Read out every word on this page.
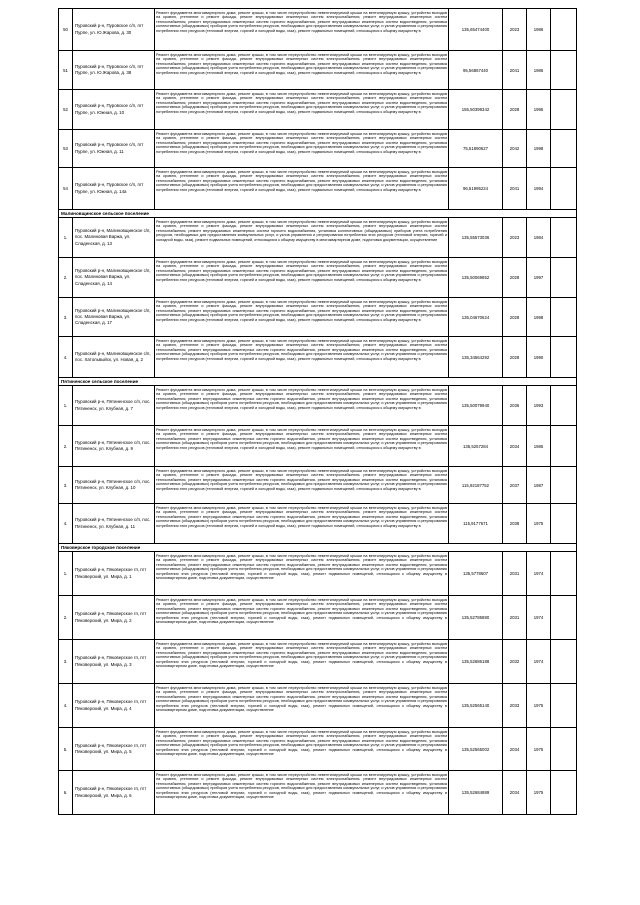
50	Пуровский р-н, Пуровское с/п, пгт Пурпе, ул. Ю.Жарова, д. 30	Ремонт фундамента многоквартирного дома, ремонт крыши, в том числе переустройство невентилируемой крыши на вентилируемую крышу, устройство выходов на кровлю, утепление и ремонт фасада, ремонт внутридомовых инженерных систем электроснабжения, ремонт внутридомовых инженерных систем теплоснабжения, ремонт внутридомовых инженерных систем горячего водоснабжения, ремонт внутридомовых инженерных систем водоотведения, установка коллективных (общедомовых) приборов учета потребления ресурсов, необходимых для предоставления коммунальных услуг, и узлов управления и регулирования потребления этих ресурсов (тепловой энергии, горячей и холодной воды, газа), ремонт подвальных помещений, относящихся к общему имуществу в	135,65474400	2023	1986	
51	Пуровский р-н, Пуровское с/п, пгт Пурпе, ул. Ю.Жарова, д. 38	Ремонт фундамента многоквартирного дома, ремонт крыши, в том числе переустройство невентилируемой крыши на вентилируемую крышу, устройство выходов на кровлю, утепление и ремонт фасада, ремонт внутридомовых инженерных систем электроснабжения, ремонт внутридомовых инженерных систем теплоснабжения, ремонт внутридомовых инженерных систем горячего водоснабжения, ремонт внутридомовых инженерных систем водоотведения, установка коллективных (общедомовых) приборов учета потребления ресурсов, необходимых для предоставления коммунальных услуг, и узлов управления и регулирования потребления этих ресурсов (тепловой энергии, горячей и холодной воды, газа), ремонт подвальных помещений, относящихся к общему имуществу в	95,56867440	2041	1986	
52	Пуровский р-н, Пуровское с/п, пгт Пурпе, ул. Южная, д. 10	Ремонт фундамента многоквартирного дома, ремонт крыши, в том числе переустройство невентилируемой крыши на вентилируемую крышу, устройство выходов на кровлю, утепление и ремонт фасада, ремонт внутридомовых инженерных систем электроснабжения, ремонт внутридомовых инженерных систем теплоснабжения, ремонт внутридомовых инженерных систем горячего водоснабжения, ремонт внутридомовых инженерных систем водоотведения, установка коллективных (общедомовых) приборов учета потребления ресурсов, необходимых для предоставления коммунальных услуг, и узлов управления и регулирования потребления этих ресурсов (тепловой энергии, горячей и холодной воды, газа), ремонт подвальных помещений, относящихся к общему имуществу в	155,50399342	2028	1995	
53	Пуровский р-н, Пуровское с/п, пгт Пурпе, ул. Южная, д. 11	Ремонт фундамента многоквартирного дома, ремонт крыши, в том числе переустройство невентилируемой крыши на вентилируемую крышу, устройство выходов на кровлю, утепление и ремонт фасада, ремонт внутридомовых инженерных систем электроснабжения, ремонт внутридомовых инженерных систем теплоснабжения, ремонт внутридомовых инженерных систем горячего водоснабжения, ремонт внутридомовых инженерных систем водоотведения, установка коллективных (общедомовых) приборов учета потребления ресурсов, необходимых для предоставления коммунальных услуг, и узлов управления и регулирования потребления этих ресурсов (тепловой энергии, горячей и холодной воды, газа), ремонт подвальных помещений, относящихся к общему имуществу в	75,51890627	2042	1998	
54	Пуровский р-н, Пуровское с/п, пгт Пурпе, ул. Южная, д. 14а	Ремонт фундамента многоквартирного дома, ремонт крыши, в том числе переустройство невентилируемой крыши на вентилируемую крышу, устройство выходов на кровлю, утепление и ремонт фасада, ремонт внутридомовых инженерных систем электроснабжения, ремонт внутридомовых инженерных систем теплоснабжения, ремонт внутридомовых инженерных систем горячего водоснабжения, ремонт внутридомовых инженерных систем водоотведения, установка коллективных (общедомовых) приборов учета потребления ресурсов, необходимых для предоставления коммунальных услуг, и узлов управления и регулирования потребления этих ресурсов (тепловой энергии, горячей и холодной воды, газа), ремонт подвальных помещений, относящихся к общему имуществу в	96,51995224	2041	1994	
Малиновщинское сельское поселение						
1.	Пуровский р-н, Малиновщинское с/п, пос. Малиновая Варжа, ул. Сладенская, д. 13	Ремонт фундамента многоквартирного дома, ремонт крыши, в том числе переустройство невентилируемой крыши на вентилируемую крышу, устройство выходов на кровлю, утепление и ремонт фасада, ремонт внутридомовых инженерных систем электроснабжения, ремонт внутридомовых инженерных систем теплоснабжения, ремонт внутридомовых инженерных систем горячего водоснабжения, установка коллективных (общедомовых) приборов учета потребления ресурсов, необходимых для предоставления коммунальных услуг, и узлов управления и регулирования потребления этих ресурсов (тепловой энергии, горячей и холодной воды, газа), ремонт подвальных помещений, относящихся к общему имуществу в многоквартирном доме, подготовка документации, осуществление	135,55573036	2023	1984	
2.	Пуровский р-н, Малиновщинское с/п, пос. Малиновая Варжа, ул. Сладенская, д. 14	Ремонт фундамента многоквартирного дома, ремонт крыши, в том числе переустройство невентилируемой крыши на вентилируемую крышу, устройство выходов на кровлю, утепление и ремонт фасада, ремонт внутридомовых инженерных систем электроснабжения, ремонт внутридомовых инженерных систем теплоснабжения, ремонт внутридомовых инженерных систем горячего водоснабжения, ремонт внутридомовых инженерных систем водоотведения, установка коллективных (общедомовых) приборов учета потребления ресурсов, необходимых для предоставления коммунальных услуг, и узлов управления и регулирования потребления этих ресурсов (тепловой энергии, горячей и холодной воды, газа), ремонт подвальных помещений, относящихся к общему имуществу в	135,50069852	2028	1997	
3.	Пуровский р-н, Малиновщинское с/п, пос. Малиновая Варжа, ул. Сладенская, д. 17	Ремонт фундамента многоквартирного дома, ремонт крыши, в том числе переустройство невентилируемой крыши на вентилируемую крышу, устройство выходов на кровлю, утепление и ремонт фасада, ремонт внутридомовых инженерных систем электроснабжения, ремонт внутридомовых инженерных систем теплоснабжения, ремонт внутридомовых инженерных систем горячего водоснабжения, ремонт внутридомовых инженерных систем водоотведения, установка коллективных (общедомовых) приборов учета потребления ресурсов, необходимых для предоставления коммунальных услуг, и узлов управления и регулирования потребления этих ресурсов (тепловой энергии, горячей и холодной воды, газа), ремонт подвальных помещений, относящихся к общему имуществу в	135,04670624	2028	1998	
4.	Пуровский р-н, Малиновщинское с/п, пос. Хатольвыйск, ул. Новая, д. 2	Ремонт фундамента многоквартирного дома, ремонт крыши, в том числе переустройство невентилируемой крыши на вентилируемую крышу, устройство выходов на кровлю, утепление и ремонт фасада, ремонт внутридомовых инженерных систем электроснабжения, ремонт внутридомовых инженерных систем теплоснабжения, ремонт внутридомовых инженерных систем горячего водоснабжения, ремонт внутридомовых инженерных систем водоотведения, установка коллективных (общедомовых) приборов учета потребления ресурсов, необходимых для предоставления коммунальных услуг, и узлов управления и регулирования потребления этих ресурсов (тепловой энергии, горячей и холодной воды, газа), ремонт подвальных помещений, относящихся к общему имуществу в	135,34564292	2028	1990	
Пятиненское сельское поселение						
1.	Пуровский р-н, Пятиненское с/п, пос. Пятиненск, ул. Клубная, д. 7	Ремонт фундамента многоквартирного дома, ремонт крыши, в том числе переустройство невентилируемой крыши на вентилируемую крышу, устройство выходов на кровлю, утепление и ремонт фасада, ремонт внутридомовых инженерных систем электроснабжения, ремонт внутридомовых инженерных систем теплоснабжения, ремонт внутридомовых инженерных систем горячего водоснабжения, ремонт внутридомовых инженерных систем водоотведения, установка коллективных (общедомовых) приборов учета потребления ресурсов, необходимых для предоставления коммунальных услуг, и узлов управления и регулирования потребления этих ресурсов (тепловой энергии, горячей и холодной воды, газа), ремонт подвальных помещений, относящихся к общему имуществу в	135,50079940	2036	1993	
2.	Пуровский р-н, Пятиненское с/п, пос. Пятиненск, ул. Клубная, д. 9	Ремонт фундамента многоквартирного дома, ремонт крыши, в том числе переустройство невентилируемой крыши на вентилируемую крышу, устройство выходов на кровлю, утепление и ремонт фасада, ремонт внутридомовых инженерных систем электроснабжения, ремонт внутридомовых инженерных систем теплоснабжения, ремонт внутридомовых инженерных систем горячего водоснабжения, ремонт внутридомовых инженерных систем водоотведения, установка коллективных (общедомовых) приборов учета потребления ресурсов, необходимых для предоставления коммунальных услуг, и узлов управления и регулирования потребления этих ресурсов (тепловой энергии, горячей и холодной воды, газа), ремонт подвальных помещений, относящихся к общему имуществу в	135,5257284	2034	1985	
3.	Пуровский р-н, Пятиненское с/п, пос. Пятиненск, ул. Клубная, д. 10	Ремонт фундамента многоквартирного дома, ремонт крыши, в том числе переустройство невентилируемой крыши на вентилируемую крышу, устройство выходов на кровлю, утепление и ремонт фасада, ремонт внутридомовых инженерных систем электроснабжения, ремонт внутридомовых инженерных систем теплоснабжения, ремонт внутридомовых инженерных систем горячего водоснабжения, ремонт внутридомовых инженерных систем водоотведения, установка коллективных (общедомовых) приборов учета потребления ресурсов, необходимых для предоставления коммунальных услуг, и узлов управления и регулирования потребления этих ресурсов (тепловой энергии, горячей и холодной воды, газа), ремонт подвальных помещений, относящихся к общему имуществу в	115,92187752	2037	1987	
4.	Пуровский р-н, Пятиненское с/п, пос. Пятиненск, ул. Клубная, д. 11	Ремонт фундамента многоквартирного дома, ремонт крыши, в том числе переустройство невентилируемой крыши на вентилируемую крышу, устройство выходов на кровлю, утепление и ремонт фасада, ремонт внутридомовых инженерных систем электроснабжения, ремонт внутридомовых инженерных систем теплоснабжения, ремонт внутридомовых инженерных систем горячего водоснабжения, ремонт внутридомовых инженерных систем водоотведения, установка коллективных (общедомовых) приборов учета потребления ресурсов, необходимых для предоставления коммунальных услуг, и узлов управления и регулирования потребления этих ресурсов (тепловой энергии, горячей и холодной воды, газа), ремонт подвальных помещений, относящихся к общему имуществу в	115,9177671	2038	1975	
Пяковерское городское поселение						
1.	Пуровский р-н, Пяковерское гп, пгт Пяковерский, ул. Мира, д. 1	Ремонт фундамента многоквартирного дома, ремонт крыши, в том числе переустройство невентилируемой крыши на вентилируемую крышу, устройство выходов на кровлю, утепление и ремонт фасада, ремонт внутридомовых инженерных систем электроснабжения, ремонт внутридомовых инженерных систем теплоснабжения, ремонт внутридомовых инженерных систем горячего водоснабжения, ремонт внутридомовых инженерных систем водоотведения, установка коллективных (общедомовых) приборов учета потребления ресурсов, необходимых для предоставления коммунальных услуг, и узлов управления и регулирования потребления этих ресурсов (тепловой энергии, горячей и холодной воды, газа), ремонт подвальных помещений, относящихся к общему имуществу в многоквартирном доме, подготовка документации, осуществление	135,5778607	2031	1974	
2.	Пуровский р-н, Пяковерское гп, пгт Пяковерский, ул. Мира, д. 2	Ремонт фундамента многоквартирного дома, ремонт крыши, в том числе переустройство невентилируемой крыши на вентилируемую крышу, устройство выходов на кровлю, утепление и ремонт фасада, ремонт внутридомовых инженерных систем электроснабжения, ремонт внутридомовых инженерных систем теплоснабжения, ремонт внутридомовых инженерных систем горячего водоснабжения, ремонт внутридомовых инженерных систем водоотведения, установка коллективных (общедомовых) приборов учета потребления ресурсов, необходимых для предоставления коммунальных услуг, и узлов управления и регулирования потребления этих ресурсов (тепловой энергии, горячей и холодной воды, газа), ремонт подвальных помещений, относящихся к общему имуществу в многоквартирном доме, подготовка документации, осуществление	135,52785880	2031	1974	
3.	Пуровский р-н, Пяковерское гп, пгт Пяковерский, ул. Мира, д. 3	Ремонт фундамента многоквартирного дома, ремонт крыши, в том числе переустройство невентилируемой крыши на вентилируемую крышу, устройство выходов на кровлю, утепление и ремонт фасада, ремонт внутридомовых инженерных систем электроснабжения, ремонт внутридомовых инженерных систем теплоснабжения, ремонт внутридомовых инженерных систем горячего водоснабжения, ремонт внутридомовых инженерных систем водоотведения, установка коллективных (общедомовых) приборов учета потребления ресурсов, необходимых для предоставления коммунальных услуг, и узлов управления и регулирования потребления этих ресурсов (тепловой энергии, горячей и холодной воды, газа), ремонт подвальных помещений, относящихся к общему имуществу в многоквартирном доме, подготовка документации, осуществление	135,52686188	2032	1974	
4.	Пуровский р-н, Пяковерское гп, пгт Пяковерский, ул. Мира, д. 4	Ремонт фундамента многоквартирного дома, ремонт крыши, в том числе переустройство невентилируемой крыши на вентилируемую крышу, устройство выходов на кровлю, утепление и ремонт фасада, ремонт внутридомовых инженерных систем электроснабжения, ремонт внутридомовых инженерных систем теплоснабжения, ремонт внутридомовых инженерных систем горячего водоснабжения, ремонт внутридомовых инженерных систем водоотведения, установка коллективных (общедомовых) приборов учета потребления ресурсов, необходимых для предоставления коммунальных услуг, и узлов управления и регулирования потребления этих ресурсов (тепловой энергии, горячей и холодной воды, газа), ремонт подвальных помещений, относящихся к общему имуществу в многоквартирном доме, подготовка документации, осуществление	135,52565140	2033	1975	
5.	Пуровский р-н, Пяковерское гп, пгт Пяковерский, ул. Мира, д. 5	Ремонт фундамента многоквартирного дома, ремонт крыши, в том числе переустройство невентилируемой крыши на вентилируемую крышу, устройство выходов на кровлю, утепление и ремонт фасада, ремонт внутридомовых инженерных систем электроснабжения, ремонт внутридомовых инженерных систем теплоснабжения, ремонт внутридомовых инженерных систем горячего водоснабжения, ремонт внутридомовых инженерных систем водоотведения, установка коллективных (общедомовых) приборов учета потребления ресурсов, необходимых для предоставления коммунальных услуг, и узлов управления и регулирования потребления этих ресурсов (тепловой энергии, горячей и холодной воды, газа), ремонт подвальных помещений, относящихся к общему имуществу в многоквартирном доме, подготовка документации, осуществление	135,52565002	2034	1975	
6.	Пуровский р-н, Пяковерское гп, пгт Пяковерский, ул. Мира, д. 6	Ремонт фундамента многоквартирного дома, ремонт крыши, в том числе переустройство невентилируемой крыши на вентилируемую крышу, устройство выходов на кровлю, утепление и ремонт фасада, ремонт внутридомовых инженерных систем электроснабжения, ремонт внутридомовых инженерных систем теплоснабжения, ремонт внутридомовых инженерных систем горячего водоснабжения, ремонт внутридомовых инженерных систем водоотведения, установка коллективных (общедомовых) приборов учета потребления ресурсов, необходимых для предоставления коммунальных услуг, и узлов управления и регулирования потребления этих ресурсов (тепловой энергии, горячей и холодной воды, газа), ремонт подвальных помещений, относящихся к общему имуществу в многоквартирном доме, подготовка документации, осуществление	135,52684889	2034	1975	
